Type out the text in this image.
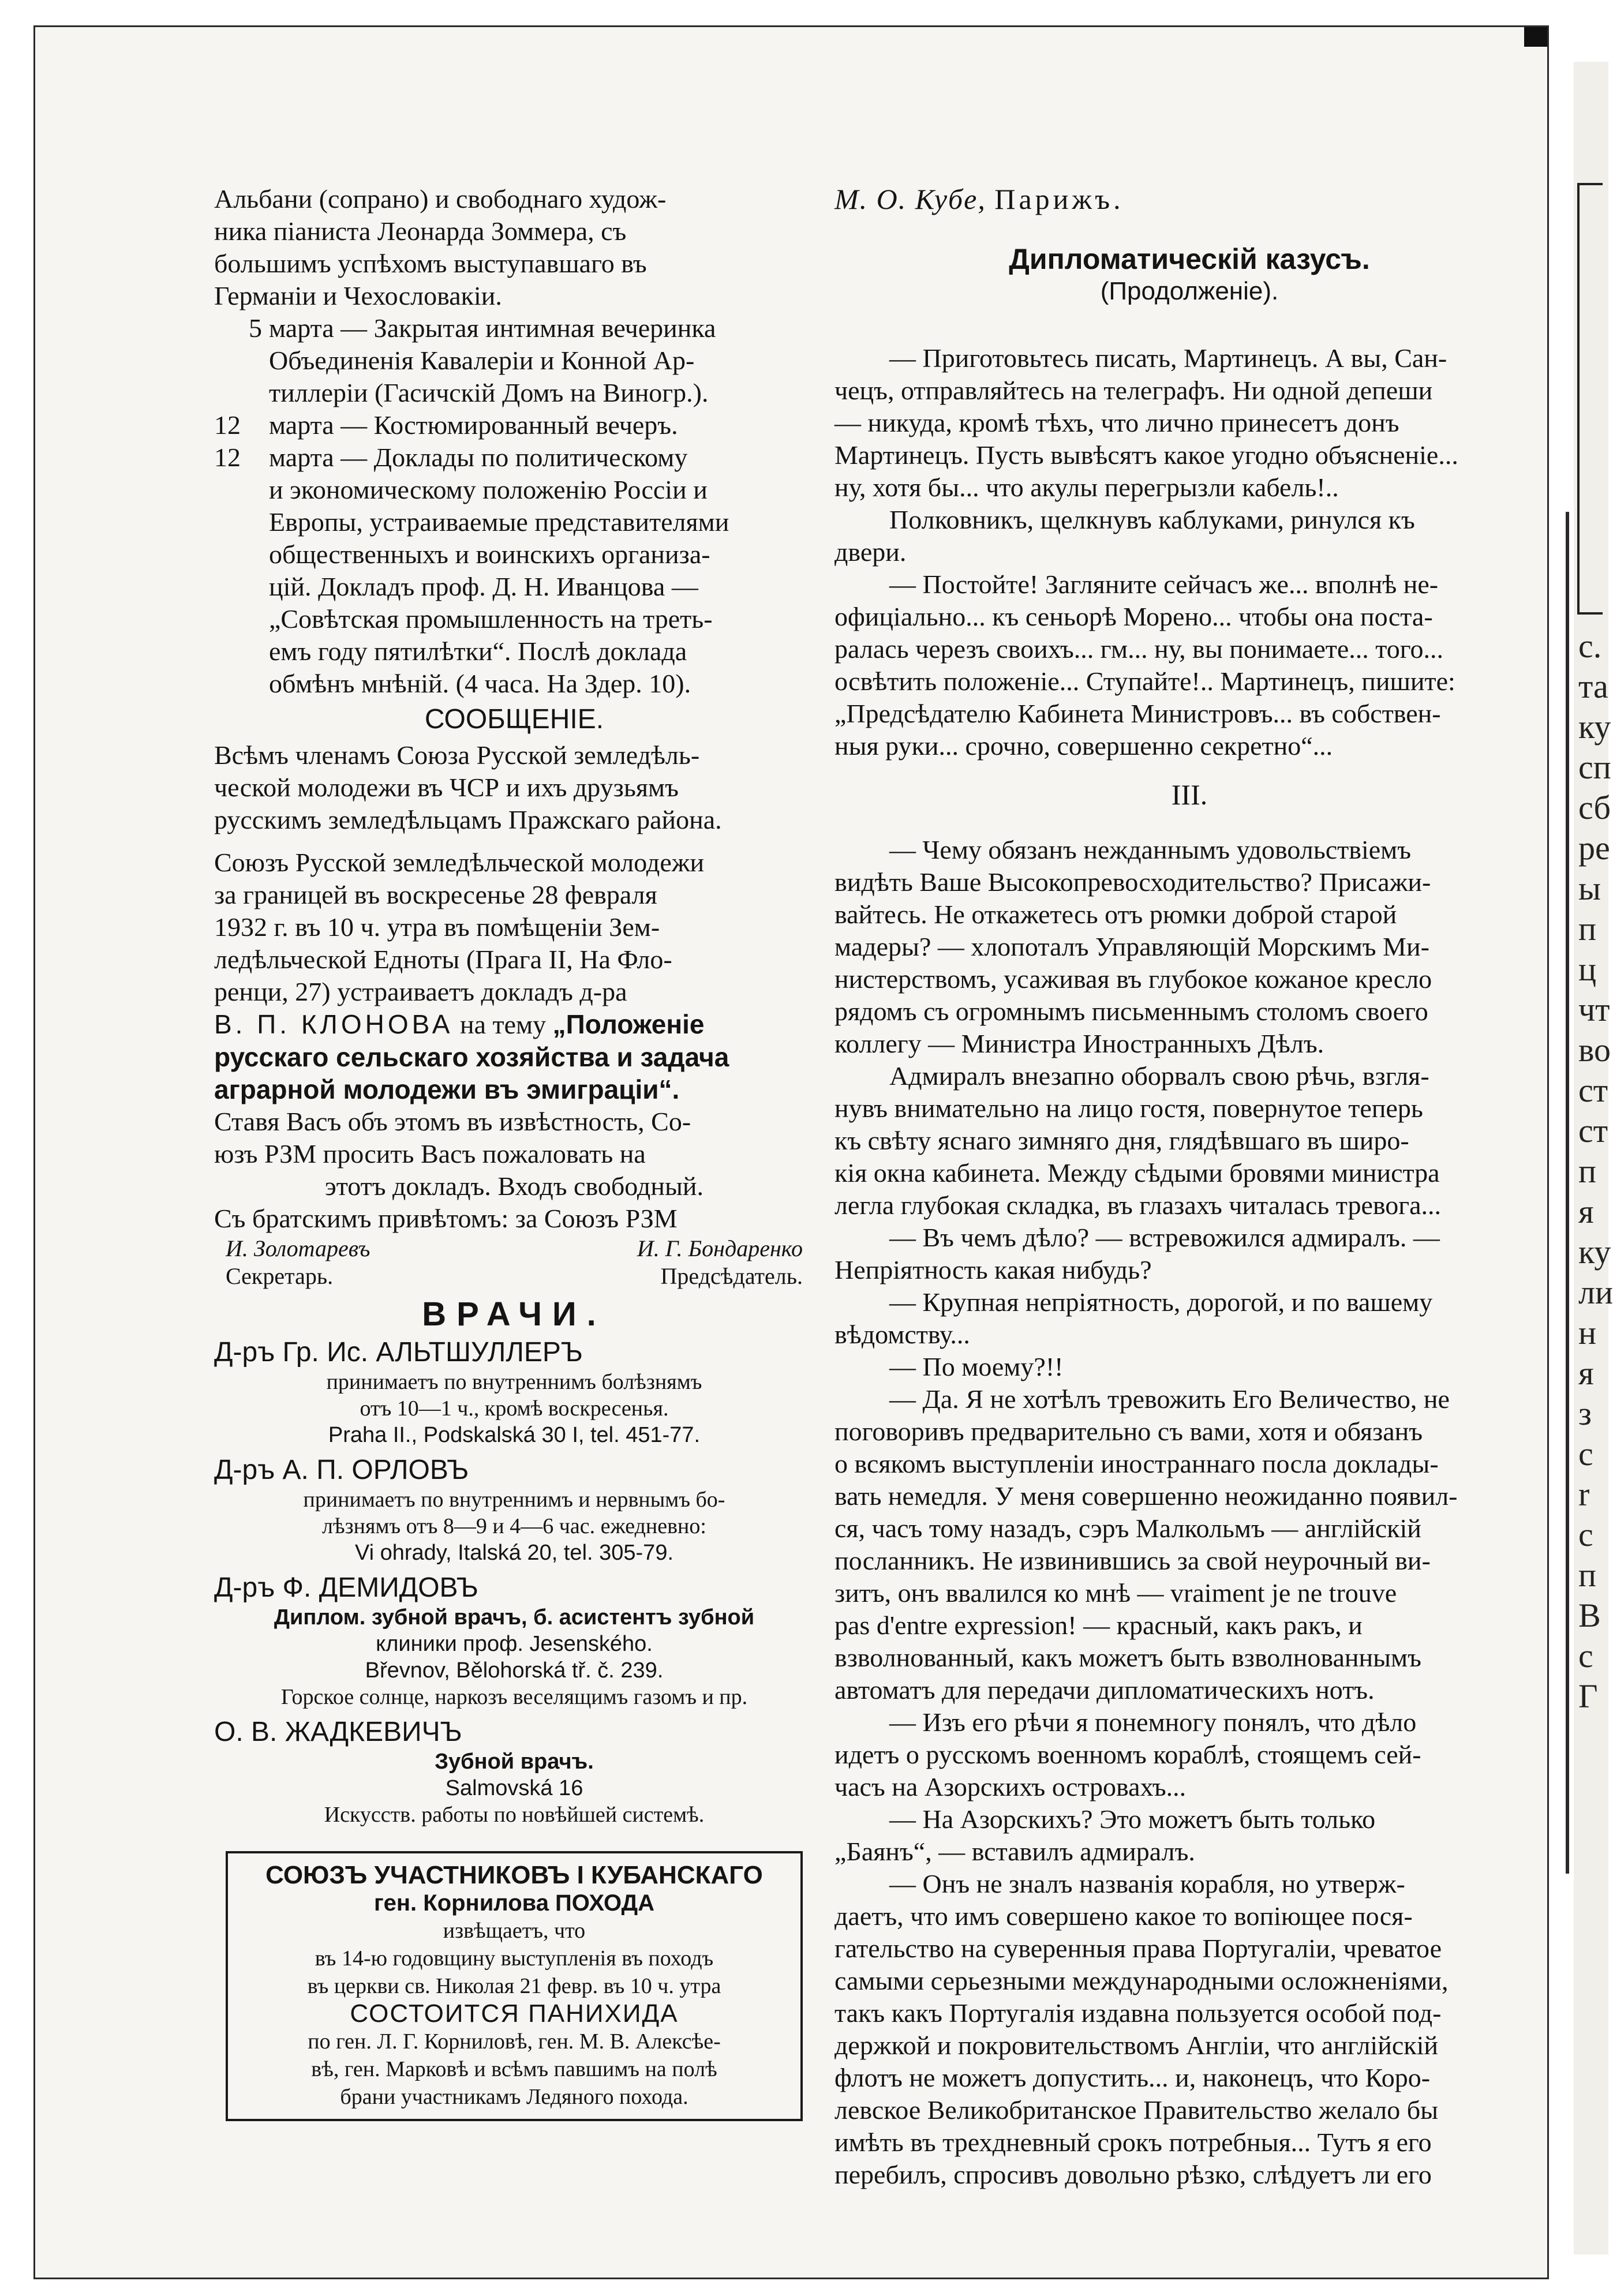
Альбани (сопрано) и свободнаго худож-

ника піаниста Леонарда Зоммера, съ

большимъ успѣхомъ выступавшаго въ

Германіи и Чехословакіи.

5 марта — Закрытая интимная вечеринка

Объединенія Кавалеріи и Конной Ар-

тиллеріи (Гасичскій Домъ на Виногр.).

12	марта — Костюмированный вечеръ.

12	марта — Доклады по политическому

и экономическому положенію Россіи и

Европы, устраиваемые представителями

общественныхъ и воинскихъ организа-

цій. Докладъ проф. Д. Н. Иванцова —

„Совѣтская промышленность на треть-

емъ году пятилѣтки“. Послѣ доклада

обмѣнъ мнѣній. (4 часа. На Здер. 10).

СООБЩЕНІЕ.

Всѣмъ членамъ Союза Русской земледѣль-

ческой молодежи въ ЧСР и ихъ друзьямъ

русскимъ земледѣльцамъ Пражскаго района.

Союзъ Русской земледѣльческой молодежи

за границей въ воскресенье 28 февраля

1932 г. въ 10 ч. утра въ помѣщеніи Зем-

ледѣльческой Едноты (Прага II, На Фло-

ренци, 27) устраиваетъ докладъ д-ра

В. П. КЛОНОВА на тему „Положеніе

русскаго сельскаго хозяйства и задача

аграрной молодежи въ эмиграціи“.

Ставя Васъ объ этомъ въ извѣстность, Со-

юзъ РЗМ просить Васъ пожаловать на

этотъ докладъ. Входъ свободный.

Съ братскимъ привѣтомъ: за Союзъ РЗМ

И. Золотаревъ	И. Г. Бондаренко
Секретарь.	Предсѣдатель.
ВРАЧИ.
Д-ръ Гр. Ис. АЛЬТШУЛЛЕРЪ
принимаетъ по внутреннимъ болѣзнямъ
отъ 10—1 ч., кромѣ воскресенья.
Praha II., Podskalská 30 I, tel. 451-77.
Д-ръ А. П. ОРЛОВЪ
принимаетъ по внутреннимъ и нервнымъ бо-
лѣзнямъ отъ 8—9 и 4—6 час. ежедневно:
Vi ohrady, Italská 20, tel. 305-79.
Д-ръ Ф. ДЕМИДОВЪ
Диплом. зубной врачъ, б. асистентъ зубной
клиники проф. Jesenského.
Břevnov, Bělohorská tř. č. 239.
Горское солнце, наркозъ веселящимъ газомъ и пр.
О. В. ЖАДКЕВИЧЪ
Зубной врачъ.
Salmovská 16
Искусств. работы по новѣйшей системѣ.
СОЮЗЪ УЧАСТНИКОВЪ I КУБАНСКАГО
ген. Корнилова ПОХОДА
извѣщаетъ, что
въ 14-ю годовщину выступленія въ походъ
въ церкви св. Николая 21 февр. въ 10 ч. утра
СОСТОИТСЯ ПАНИХИДА
по ген. Л. Г. Корниловѣ, ген. М. В. Алексѣе-
вѣ, ген. Марковѣ и всѣмъ павшимъ на полѣ
брани участникамъ Ледяного похода.
М. О. Кубе, Парижъ.
Дипломатическій казусъ.
(Продолженіе).

— Приготовьтесь писать, Мартинецъ. А вы, Сан-

чецъ, отправляйтесь на телеграфъ. Ни одной депеши

— никуда, кромѣ тѣхъ, что лично принесетъ донъ

Мартинецъ. Пусть вывѣсятъ какое угодно объясненіе...

ну, хотя бы... что акулы перегрызли кабель!..

Полковникъ, щелкнувъ каблуками, ринулся къ

двери.

— Постойте! Загляните сейчасъ же... вполнѣ не-

офиціально... къ сеньорѣ Морено... чтобы она поста-

ралась черезъ своихъ... гм... ну, вы понимаете... того...

освѣтить положеніе... Ступайте!.. Мартинецъ, пишите:

„Предсѣдателю Кабинета Министровъ... въ собствен-

ныя руки... срочно, совершенно секретно“...

III.

— Чему обязанъ нежданнымъ удовольствіемъ

видѣть Ваше Высокопревосходительство? Присажи-

вайтесь. Не откажетесь отъ рюмки доброй старой

мадеры? — хлопоталъ Управляющій Морскимъ Ми-

нистерствомъ, усаживая въ глубокое кожаное кресло

рядомъ съ огромнымъ письменнымъ столомъ своего

коллегу — Министра Иностранныхъ Дѣлъ.

Адмиралъ внезапно оборвалъ свою рѣчь, взгля-

нувъ внимательно на лицо гостя, повернутое теперь

къ свѣту яснаго зимняго дня, глядѣвшаго въ широ-

кія окна кабинета. Между сѣдыми бровями министра

легла глубокая складка, въ глазахъ читалась тревога...

— Въ чемъ дѣло? — встревожился адмиралъ. —

Непріятность какая нибудь?

— Крупная непріятность, дорогой, и по вашему

вѣдомству...

— По моему?!!

— Да. Я не хотѣлъ тревожить Его Величество, не

поговоривъ предварительно съ вами, хотя и обязанъ

о всякомъ выступленіи иностраннаго посла доклады-

вать немедля. У меня совершенно неожиданно появил-

ся, часъ тому назадъ, сэръ Малкольмъ — англійскій

посланникъ. Не извинившись за свой неурочный ви-

зитъ, онъ ввалился ко мнѣ — vraiment je ne trouve

pas d'entre expression! — красный, какъ ракъ, и

взволнованный, какъ можетъ быть взволнованнымъ

автоматъ для передачи дипломатическихъ нотъ.

— Изъ его рѣчи я понемногу понялъ, что дѣло

идетъ о русскомъ военномъ кораблѣ, стоящемъ сей-

часъ на Азорскихъ островахъ...

— На Азорскихъ? Это можетъ быть только

„Баянъ“, — вставилъ адмиралъ.

— Онъ не зналъ названія корабля, но утверж-

даетъ, что имъ совершено какое то вопіющее пося-

гательство на суверенныя права Португаліи, чреватое

самыми серьезными международными осложненіями,

такъ какъ Португалія издавна пользуется особой под-

держкой и покровительствомъ Англіи, что англійскій

флотъ не можетъ допустить... и, наконецъ, что Коро-

левское Великобританское Правительство желало бы

имѣть въ трехдневный срокъ потребныя... Тутъ я его

перебилъ, спросивъ довольно рѣзко, слѣдуетъ ли его

с.
та
ку
сп
сб
ре
ы
п
ц
чт
во
ст
ст
п
я
ку
ли
н
я
з
с
r
с
п
В
с
Г
